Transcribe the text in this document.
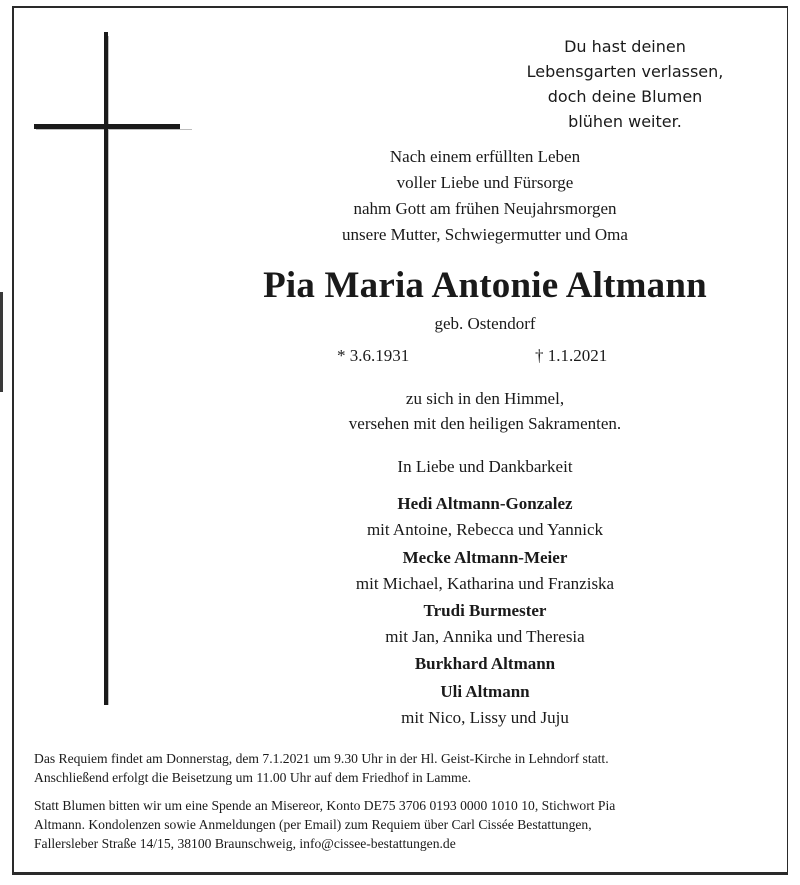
Du hast deinen
Lebensgarten verlassen,
doch deine Blumen
blühen weiter.
Nach einem erfüllten Leben
voller Liebe und Fürsorge
nahm Gott am frühen Neujahrsmorgen
unsere Mutter, Schwiegermutter und Oma
Pia Maria Antonie Altmann
geb. Ostendorf
* 3.6.1931	† 1.1.2021
zu sich in den Himmel,
versehen mit den heiligen Sakramenten.
In Liebe und Dankbarkeit
Hedi Altmann-Gonzalez
mit Antoine, Rebecca und Yannick
Mecke Altmann-Meier
mit Michael, Katharina und Franziska
Trudi Burmester
mit Jan, Annika und Theresia
Burkhard Altmann
Uli Altmann
mit Nico, Lissy und Juju
Das Requiem findet am Donnerstag, dem 7.1.2021 um 9.30 Uhr in der Hl. Geist-Kirche in Lehndorf statt.
Anschließend erfolgt die Beisetzung um 11.00 Uhr auf dem Friedhof in Lamme.
Statt Blumen bitten wir um eine Spende an Misereor, Konto DE75 3706 0193 0000 1010 10, Stichwort Pia
Altmann. Kondolenzen sowie Anmeldungen (per Email) zum Requiem über Carl Cissée Bestattungen,
Fallersleber Straße 14/15, 38100 Braunschweig, info@cissee-bestattungen.de
